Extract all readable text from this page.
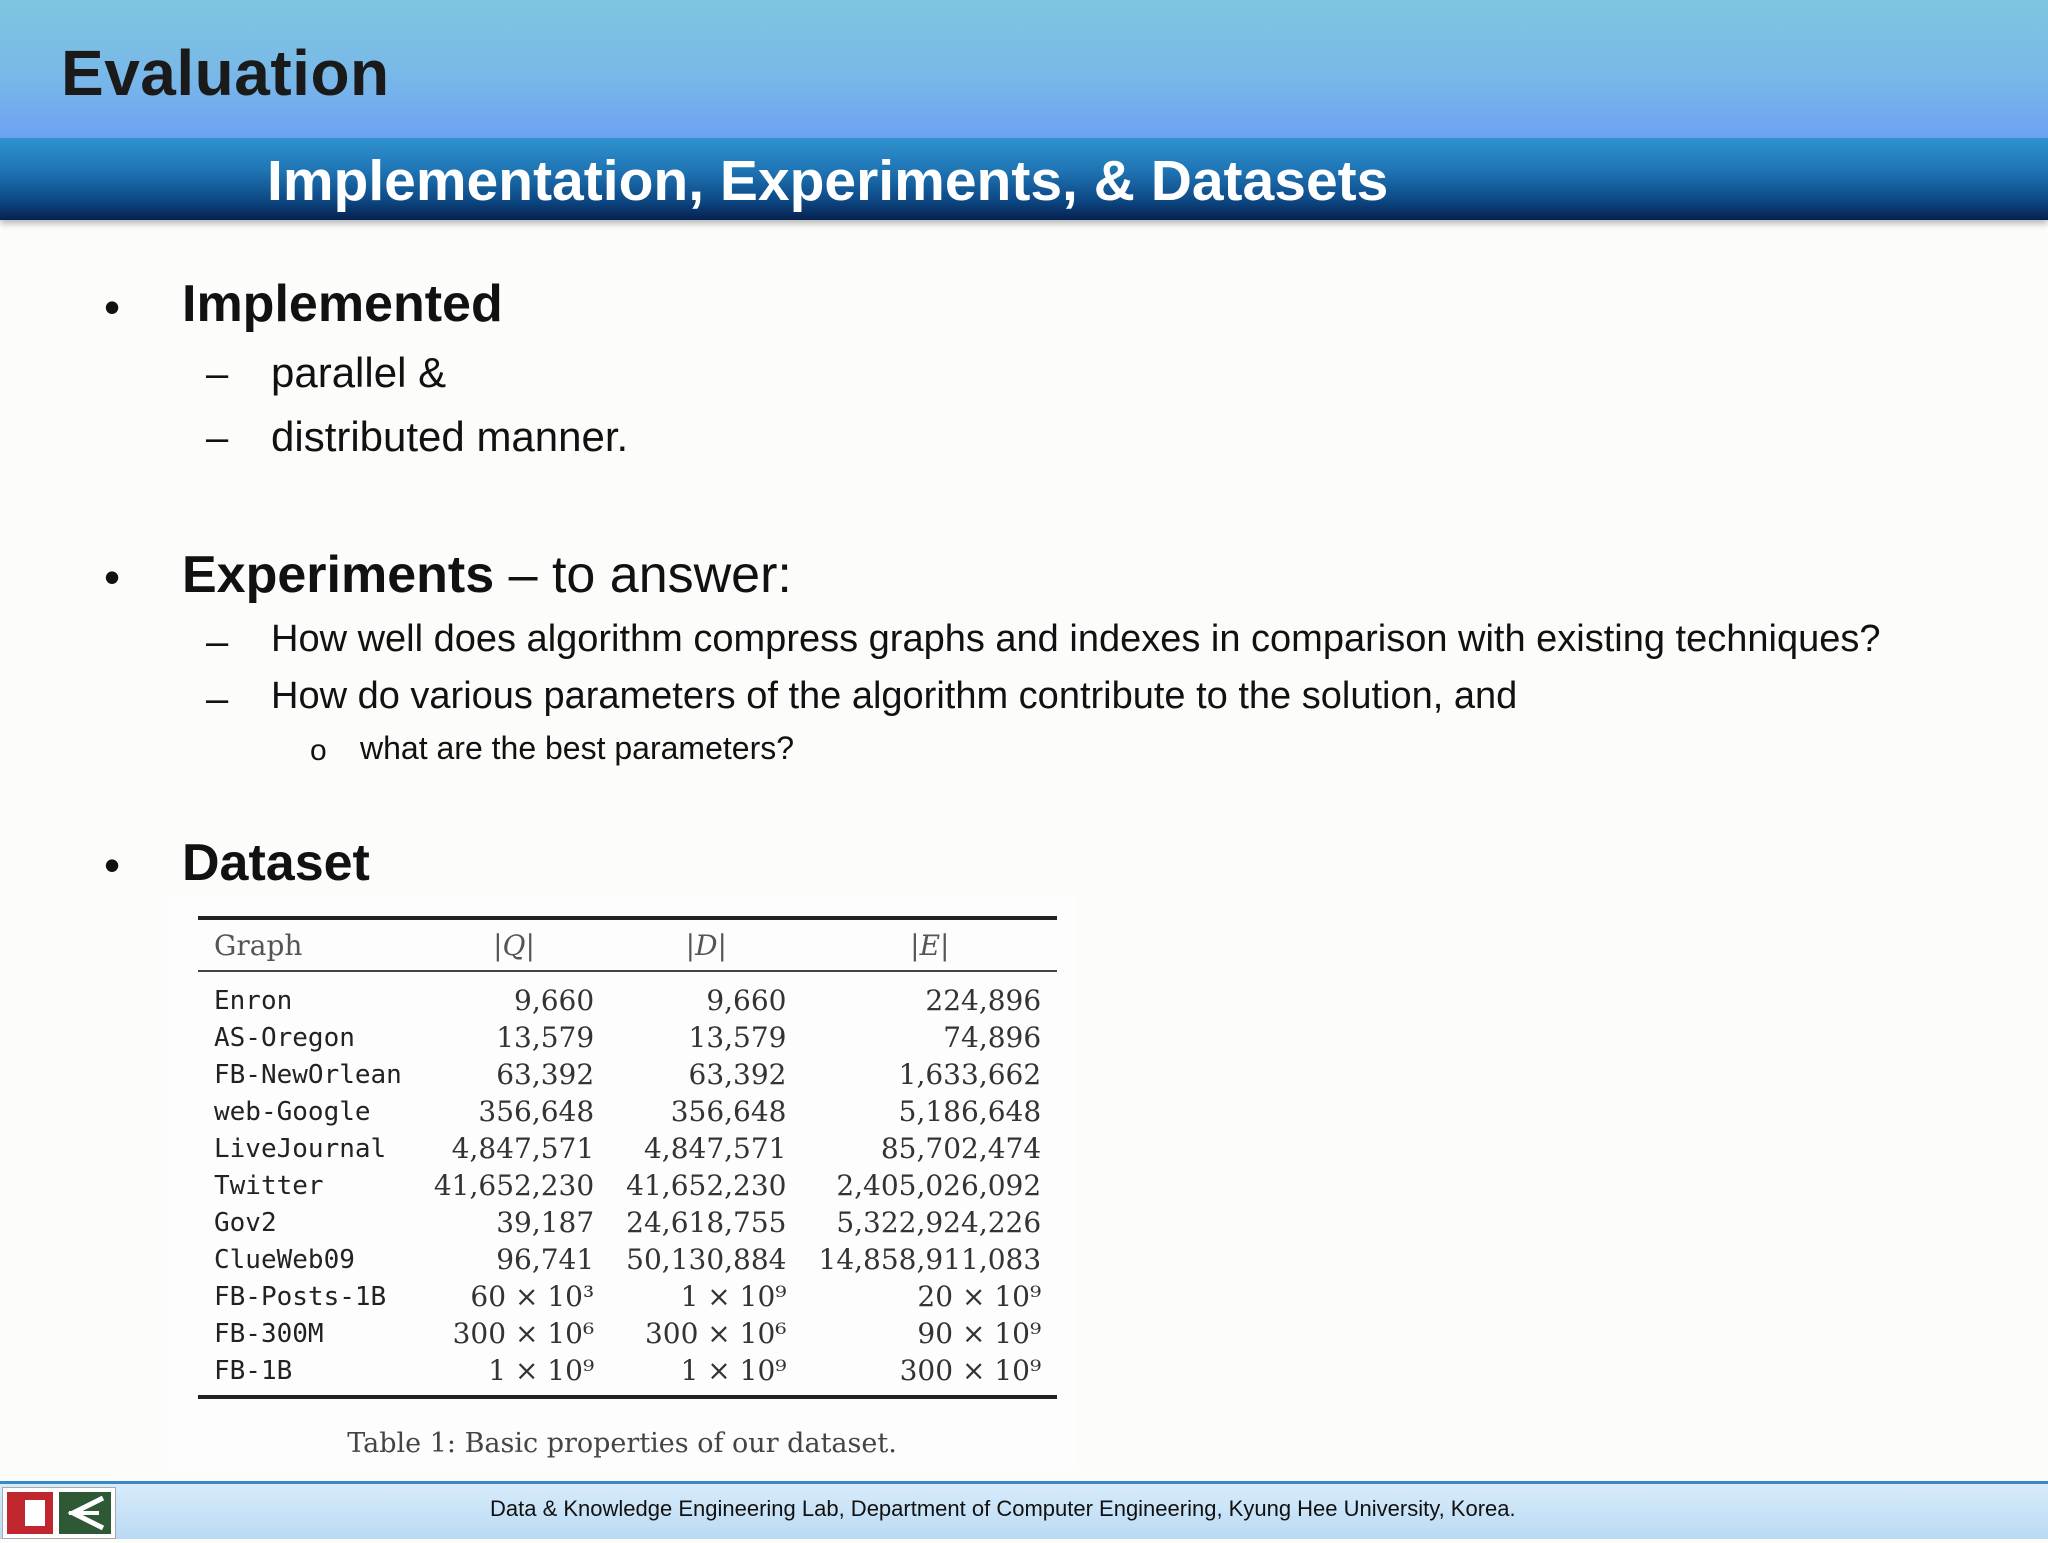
Evaluation
Implementation, Experiments, & Datasets
• Implemented
– parallel &
– distributed manner.
• Experiments – to answer:
– How well does algorithm compress graphs and indexes in comparison with existing techniques?
– How do various parameters of the algorithm contribute to the solution, and
o what are the best parameters?
• Dataset
Graph	|Q|	|D|	|E|
Enron	9,660	9,660	224,896
AS-Oregon	13,579	13,579	74,896
FB-NewOrlean	63,392	63,392	1,633,662
web-Google	356,648	356,648	5,186,648
LiveJournal	4,847,571	4,847,571	85,702,474
Twitter	41,652,230	41,652,230	2,405,026,092
Gov2	39,187	24,618,755	5,322,924,226
ClueWeb09	96,741	50,130,884	14,858,911,083
FB-Posts-1B	60 × 10³	1 × 10⁹	20 × 10⁹
FB-300M	300 × 10⁶	300 × 10⁶	90 × 10⁹
FB-1B	1 × 10⁹	1 × 10⁹	300 × 10⁹
Table 1: Basic properties of our dataset.
Data & Knowledge Engineering Lab, Department of Computer Engineering, Kyung Hee University, Korea.
